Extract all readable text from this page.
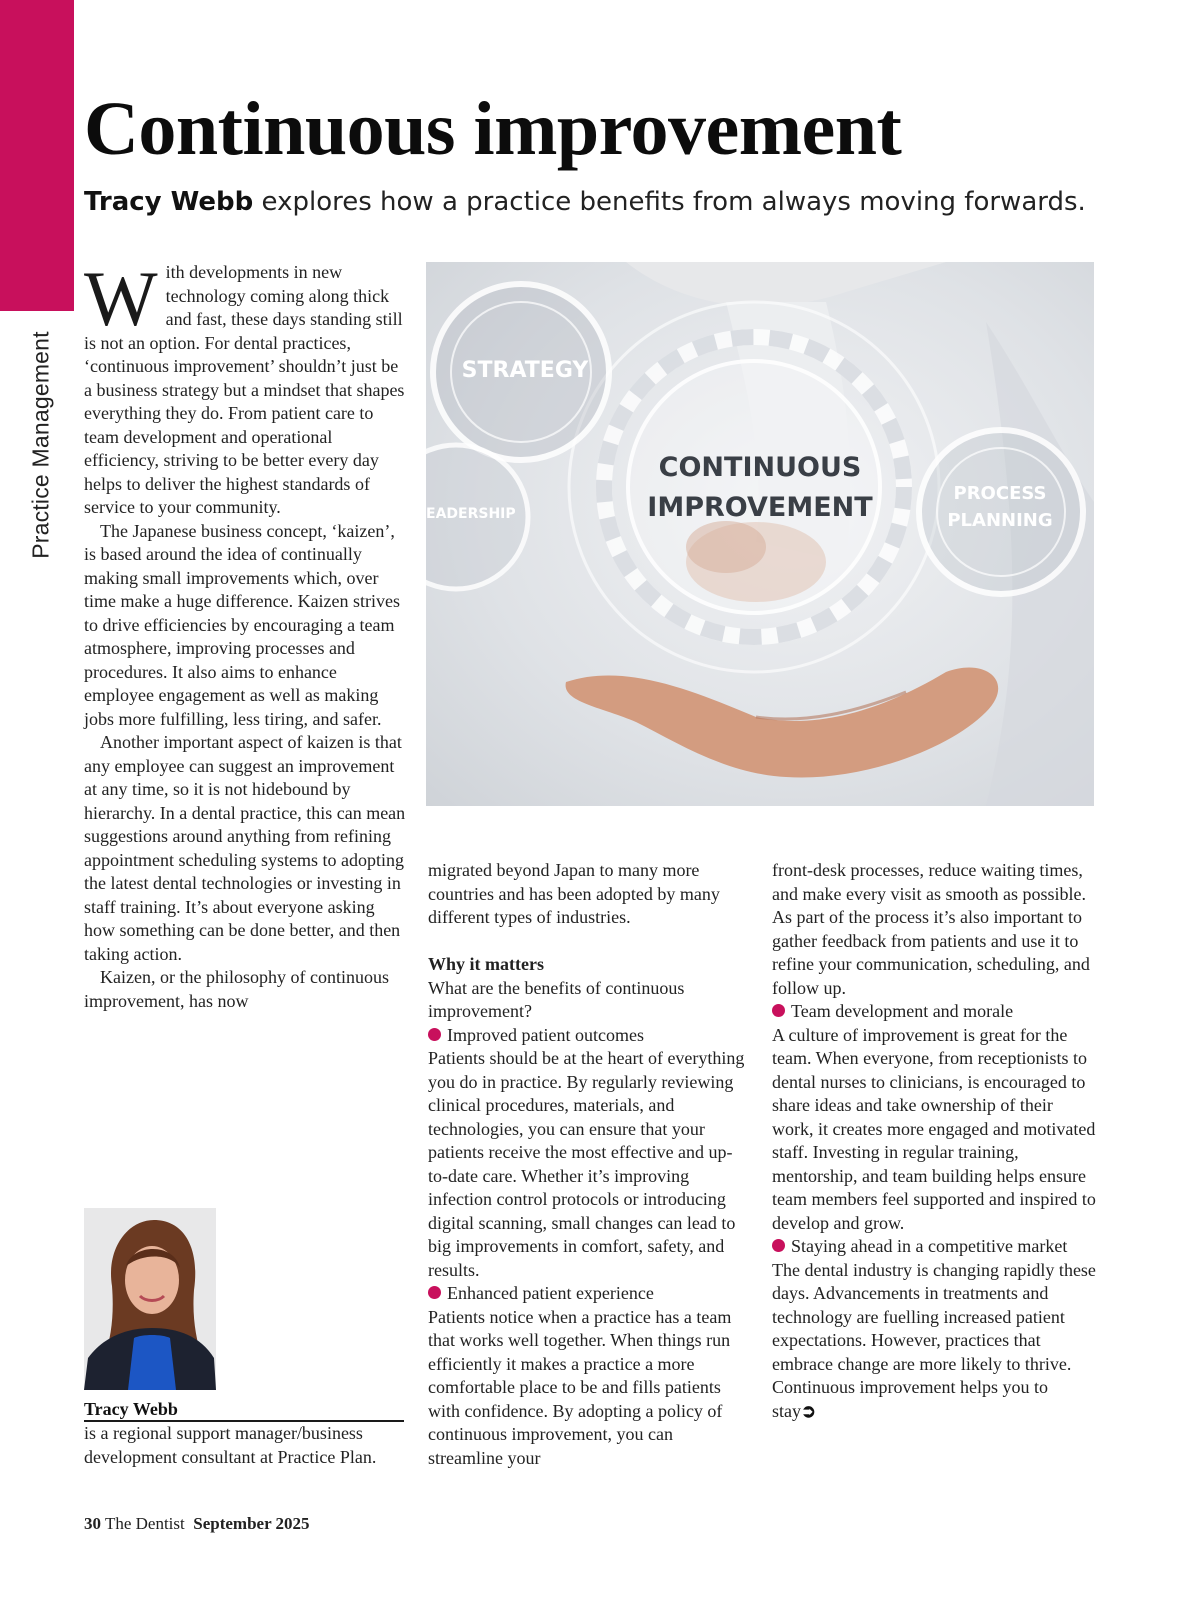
Practice Management
Continuous improvement

Tracy Webb explores how a practice benefits from always moving forwards.

With developments in new technology coming along thick and fast, these days standing still is not an option. For dental practices, ‘continuous improvement’ shouldn’t just be a business strategy but a mindset that shapes everything they do. From patient care to team development and operational efficiency, striving to be better every day helps to deliver the highest standards of service to your community.

The Japanese business concept, ‘kaizen’, is based around the idea of continually making small improvements which, over time make a huge difference. Kaizen strives to drive efficiencies by encouraging a team atmosphere, improving processes and procedures. It also aims to enhance employee engagement as well as making jobs more fulfilling, less tiring, and safer.

Another important aspect of kaizen is that any employee can suggest an improvement at any time, so it is not hidebound by hierarchy. In a dental practice, this can mean suggestions around anything from refining appointment scheduling systems to adopting the latest dental technologies or investing in staff training. It’s about everyone asking how something can be done better, and then taking action.

Kaizen, or the philosophy of continuous improvement, has now

CONTINUOUS
IMPROVEMENT
STRATEGY
PROCESS
PLANNING
EADERSHIP

migrated beyond Japan to many more countries and has been adopted by many different types of industries.

Why it matters

What are the benefits of continuous improvement?

Improved patient outcomes

Patients should be at the heart of everything you do in practice. By regularly reviewing clinical procedures, materials, and technologies, you can ensure that your patients receive the most effective and up-to-date care. Whether it’s improving infection control protocols or introducing digital scanning, small changes can lead to big improvements in comfort, safety, and results.

Enhanced patient experience

Patients notice when a practice has a team that works well together. When things run efficiently it makes a practice a more comfortable place to be and fills patients with confidence. By adopting a policy of continuous improvement, you can streamline your

front-desk processes, reduce waiting times, and make every visit as smooth as possible. As part of the process it’s also important to gather feedback from patients and use it to refine your communication, scheduling, and follow up.

Team development and morale

A culture of improvement is great for the team. When everyone, from receptionists to dental nurses to clinicians, is encouraged to share ideas and take ownership of their work, it creates more engaged and motivated staff. Investing in regular training, mentorship, and team building helps ensure team members feel supported and inspired to develop and grow.

Staying ahead in a competitive market

The dental industry is changing rapidly these days. Advancements in treatments and technology are fuelling increased patient expectations. However, practices that embrace change are more likely to thrive. Continuous improvement helps you to stay➲

Tracy Webb

is a regional support manager/business development consultant at Practice Plan.

30 The Dentist September 2025
